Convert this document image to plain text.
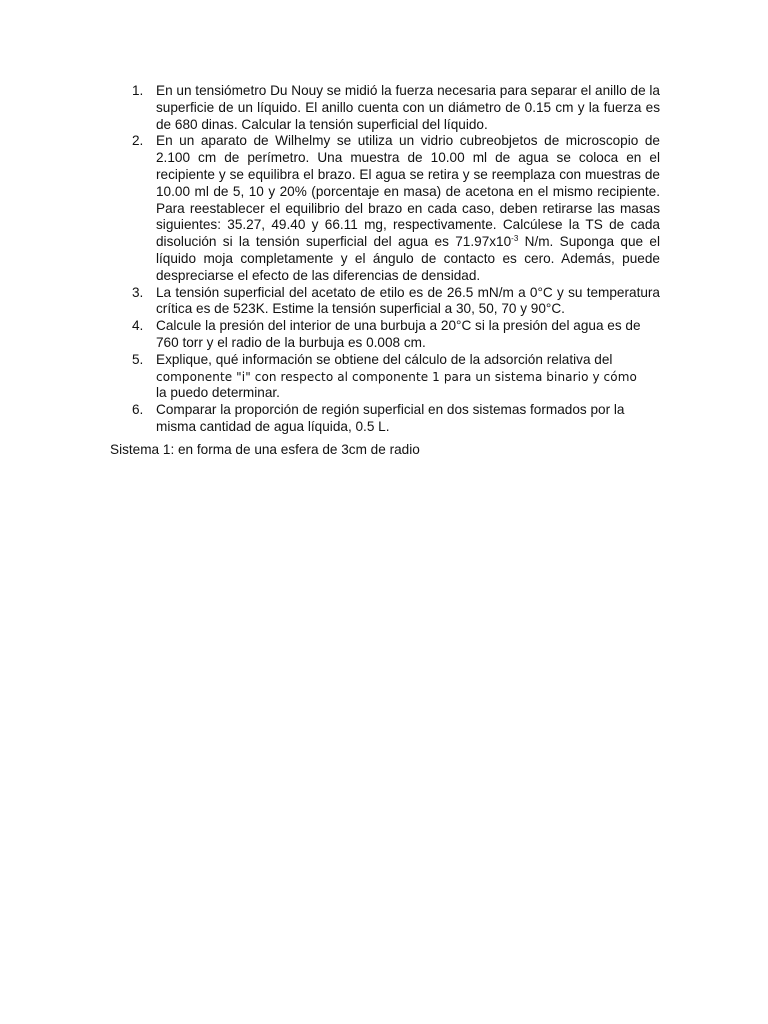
1. En un tensiómetro Du Nouy se midió la fuerza necesaria para separar el anillo de la superficie de un líquido. El anillo cuenta con un diámetro de 0.15 cm y la fuerza es de 680 dinas. Calcular la tensión superficial del líquido.
2. En un aparato de Wilhelmy se utiliza un vidrio cubreobjetos de microscopio de 2.100 cm de perímetro. Una muestra de 10.00 ml de agua se coloca en el recipiente y se equilibra el brazo. El agua se retira y se reemplaza con muestras de 10.00 ml de 5, 10 y 20% (porcentaje en masa) de acetona en el mismo recipiente. Para reestablecer el equilibrio del brazo en cada caso, deben retirarse las masas siguientes: 35.27, 49.40 y 66.11 mg, respectivamente. Calcúlese la TS de cada disolución si la tensión superficial del agua es $71.97x10^{-3}$ N/m. Suponga que el líquido moja completamente y el ángulo de contacto es cero. Además, puede despreciarse el efecto de las diferencias de densidad.
3. La tensión superficial del acetato de etilo es de 26.5 mN/m a 0°C y su temperatura crítica es de 523K. Estime la tensión superficial a 30, 50, 70 y 90°C.
4. Calcule la presión del interior de una burbuja a 20°C si la presión del agua es de 760 torr y el radio de la burbuja es 0.008 cm.
5. Explique, qué información se obtiene del cálculo de la adsorción relativa del
componente "i" con respecto al componente 1 para un sistema binario y cómo
la puedo determinar.
6. Comparar la proporción de región superficial en dos sistemas formados por la misma cantidad de agua líquida, 0.5 L.
Sistema 1: en forma de una esfera de 3cm de radio
